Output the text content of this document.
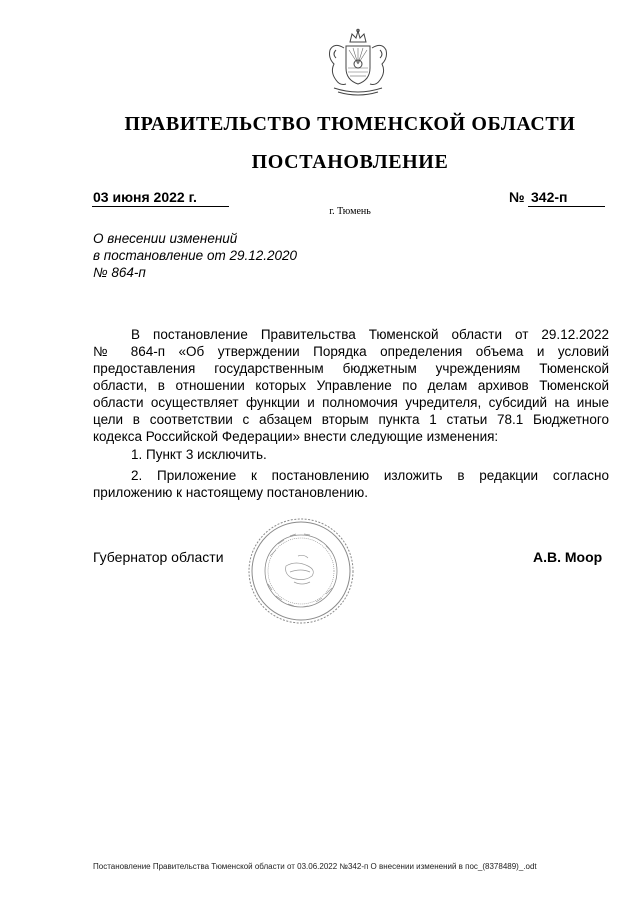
ПРАВИТЕЛЬСТВО ТЮМЕНСКОЙ ОБЛАСТИ
ПОСТАНОВЛЕНИЕ
03 июня 2022 г.	№ 342-п
г. Тюмень
О внесении изменений
в постановление от 29.12.2020
№ 864-п
В постановление Правительства Тюменской области от 29.12.2022
№ 864-п «Об утверждении Порядка определения объема и условий
предоставления государственным бюджетным учреждениям Тюменской
области, в отношении которых Управление по делам архивов Тюменской
области осуществляет функции и полномочия учредителя, субсидий на иные
цели в соответствии с абзацем вторым пункта 1 статьи 78.1 Бюджетного
кодекса Российской Федерации» внести следующие изменения:
1. Пункт 3 исключить.
2. Приложение к постановлению изложить в редакции согласно
приложению к настоящему постановлению.
Губернатор области	А.В. Моор
Постановление Правительства Тюменской области от 03.06.2022 №342-п О внесении изменений в пос_(8378489)_.odt
